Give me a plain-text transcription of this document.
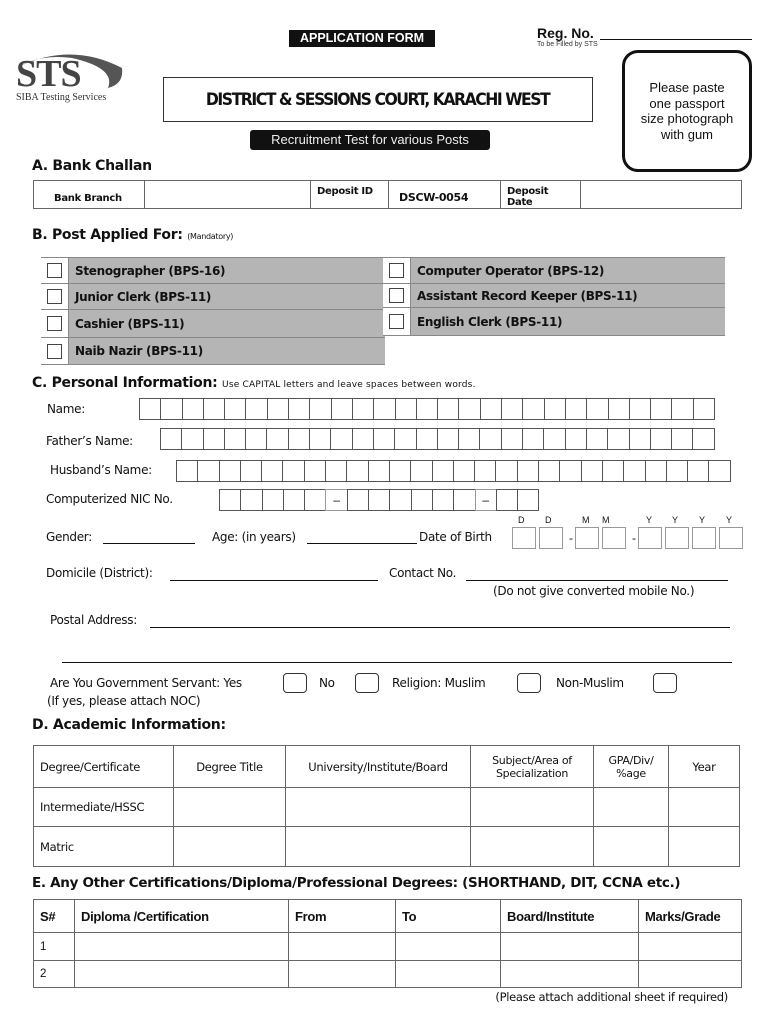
APPLICATION FORM	Reg. No.
To be Filled by STS
STS
SIBA Testing Services	DISTRICT & SESSIONS COURT, KARACHI WEST
Recruitment Test for various Posts
Please paste one passport size photograph with gum
A. Bank Challan
Bank Branch		Deposit ID	DSCW-0054	Deposit Date	
B. Post Applied For: (Mandatory)
Stenographer (BPS-16)
Junior Clerk (BPS-11)
Cashier (BPS-11)
Naib Nazir (BPS-11)
Computer Operator (BPS-12)
Assistant Record Keeper (BPS-11)
English Clerk (BPS-11)
C. Personal Information: Use CAPITAL letters and leave spaces between words.
Name:
Father’s Name:
Husband’s Name:
Computerized NIC No.	–	–
D D	M M	Y Y Y Y
Gender:	Age: (in years)	Date of Birth	-	-
Domicile (District):	Contact No.
(Do not give converted mobile No.)
Postal Address:
Are You Government Servant: Yes	No	Religion: Muslim	Non-Muslim
(If yes, please attach NOC)
D. Academic Information:
Degree/Certificate	Degree Title	University/Institute/Board	Subject/Area of Specialization	GPA/Div/ %age	Year
Intermediate/HSSC					
Matric					
E. Any Other Certifications/Diploma/Professional Degrees: (SHORTHAND, DIT, CCNA etc.)
S#	Diploma /Certification	From	To	Board/Institute	Marks/Grade
1					
2					
(Please attach additional sheet if required)
